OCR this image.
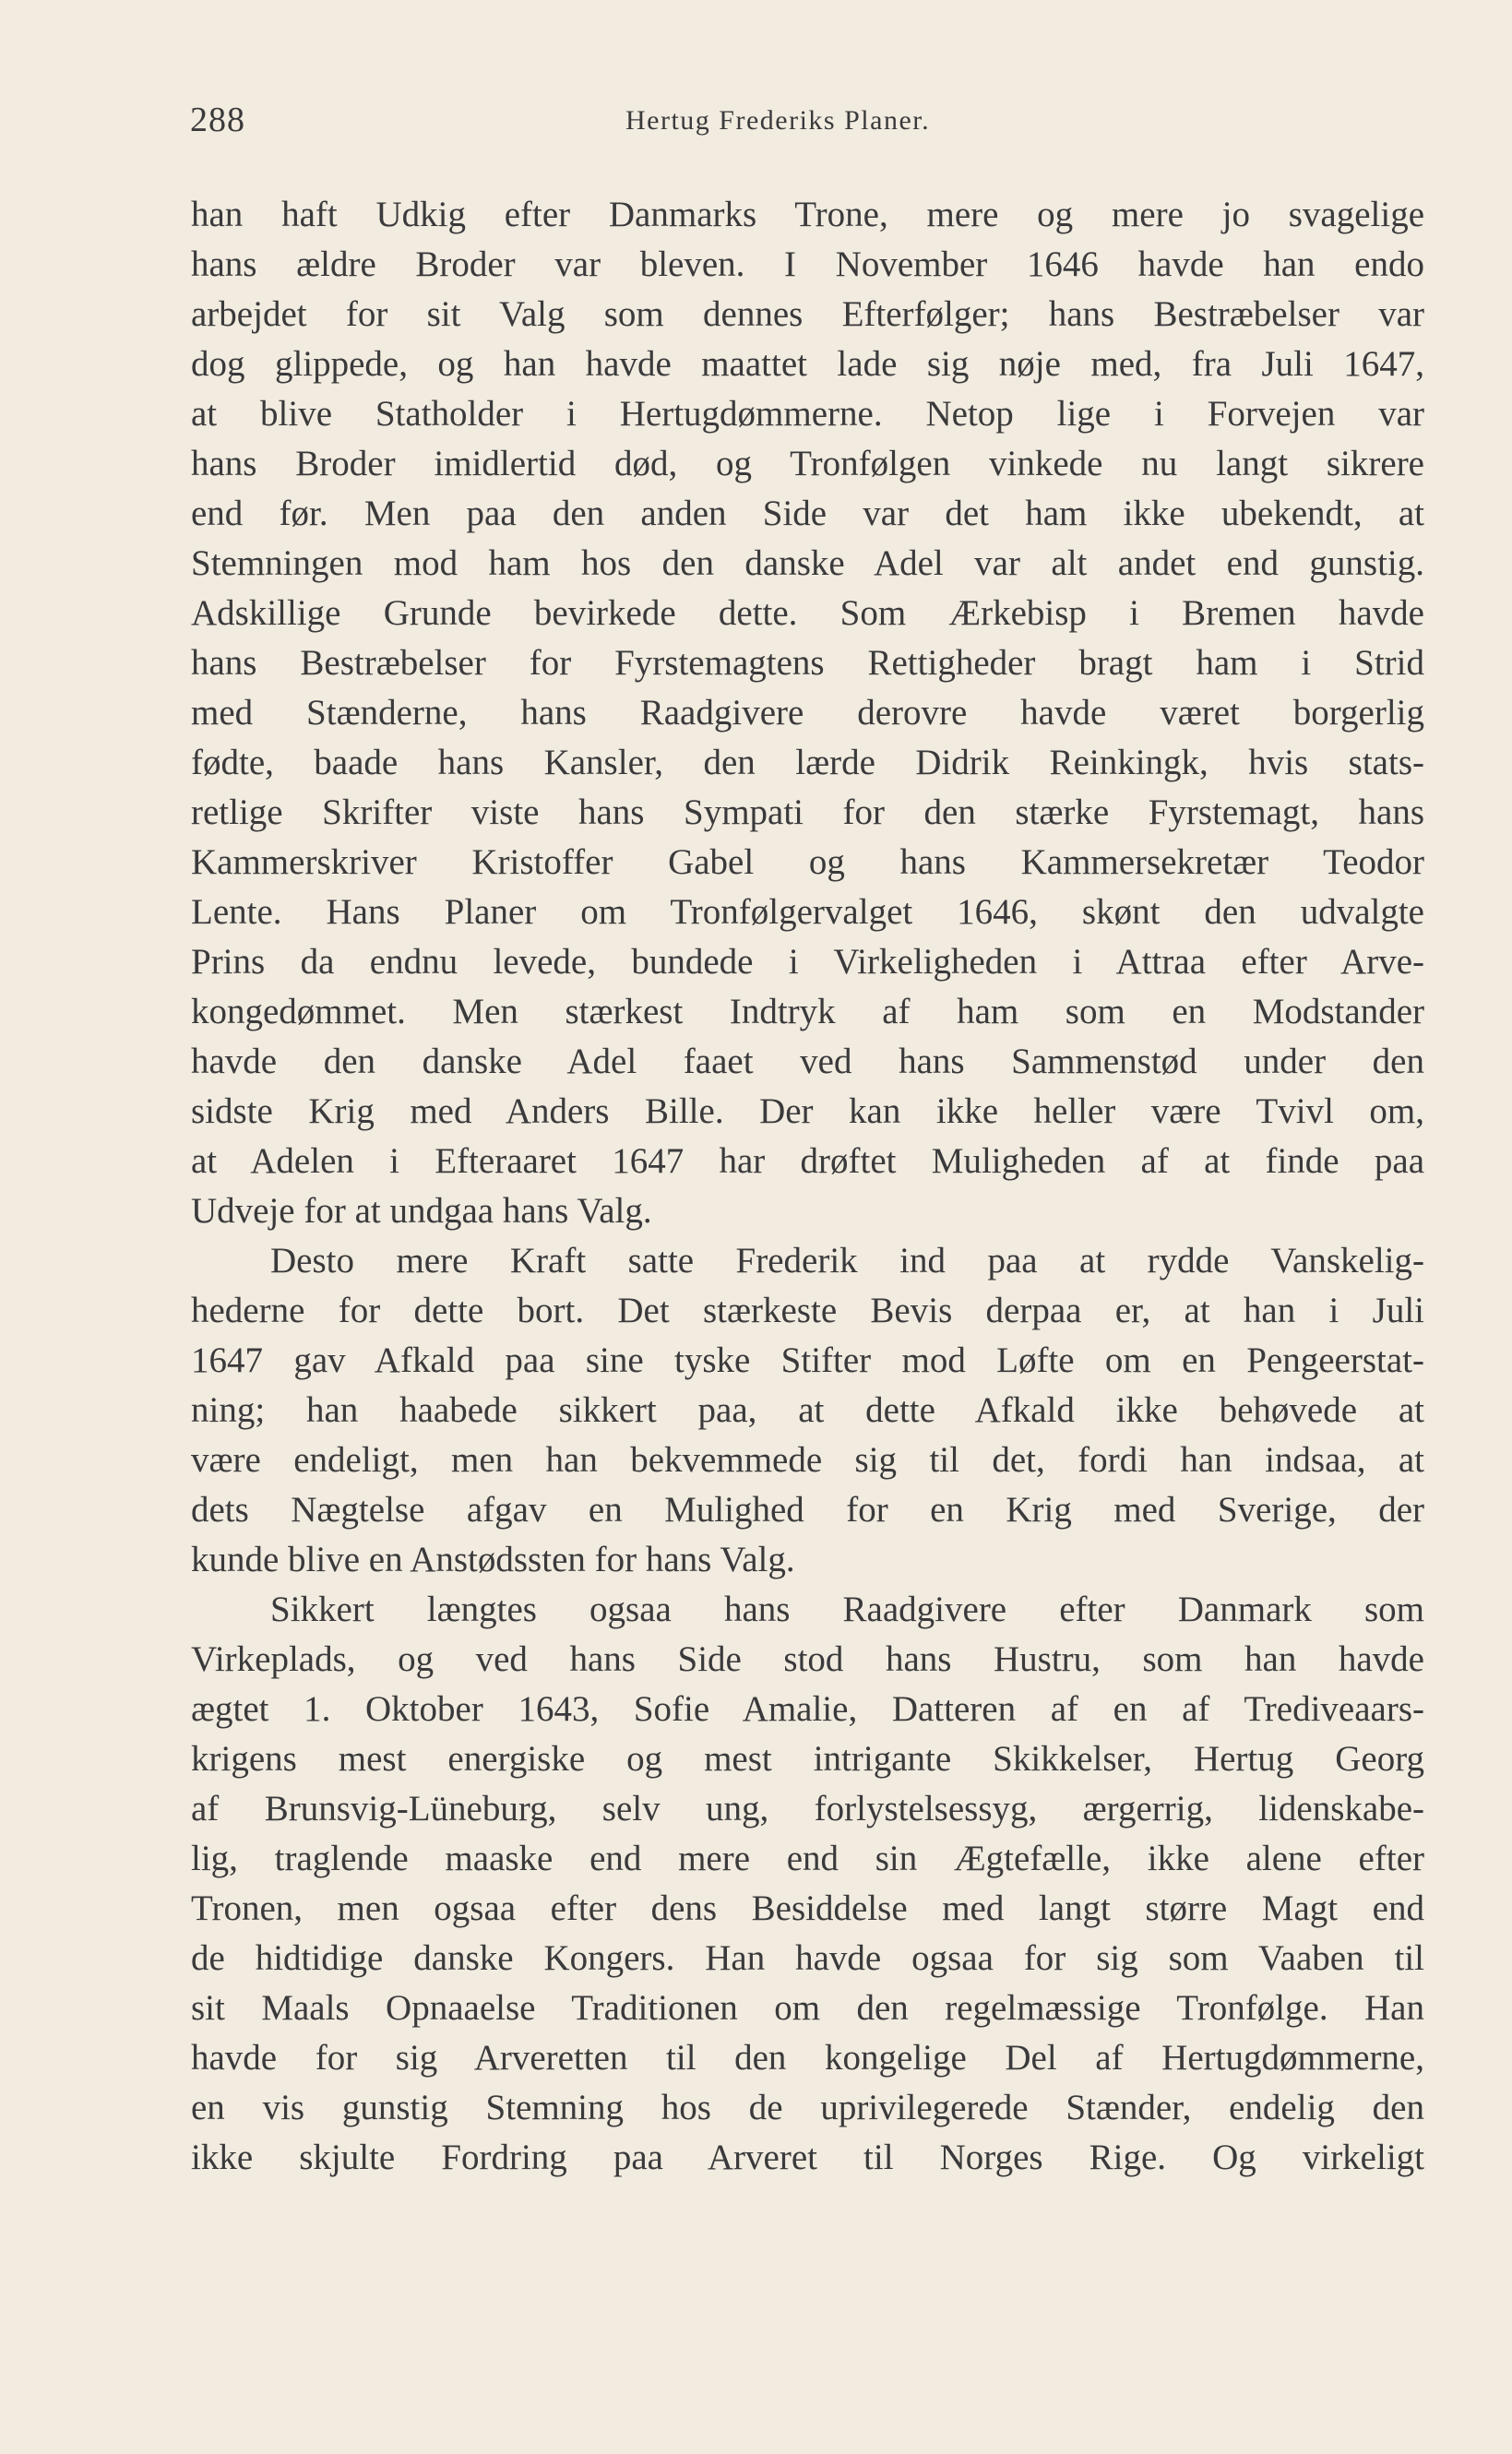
288	Hertug Frederiks Planer.
han haft Udkig efter Danmarks Trone, mere og mere jo svagelige
hans ældre Broder var bleven. I November 1646 havde han endo
arbejdet for sit Valg som dennes Efterfølger; hans Bestræbelser var
dog glippede, og han havde maattet lade sig nøje med, fra Juli 1647,
at blive Statholder i Hertugdømmerne. Netop lige i Forvejen var
hans Broder imidlertid død, og Tronfølgen vinkede nu langt sikrere
end før. Men paa den anden Side var det ham ikke ubekendt, at
Stemningen mod ham hos den danske Adel var alt andet end gunstig.
Adskillige Grunde bevirkede dette. Som Ærkebisp i Bremen havde
hans Bestræbelser for Fyrstemagtens Rettigheder bragt ham i Strid
med Stænderne, hans Raadgivere derovre havde været borgerlig
fødte, baade hans Kansler, den lærde Didrik Reinkingk, hvis stats-
retlige Skrifter viste hans Sympati for den stærke Fyrstemagt, hans
Kammerskriver Kristoffer Gabel og hans Kammersekretær Teodor
Lente. Hans Planer om Tronfølgervalget 1646, skønt den udvalgte
Prins da endnu levede, bundede i Virkeligheden i Attraa efter Arve-
kongedømmet. Men stærkest Indtryk af ham som en Modstander
havde den danske Adel faaet ved hans Sammenstød under den
sidste Krig med Anders Bille. Der kan ikke heller være Tvivl om,
at Adelen i Efteraaret 1647 har drøftet Muligheden af at finde paa
Udveje for at undgaa hans Valg.
Desto mere Kraft satte Frederik ind paa at rydde Vanskelig-
hederne for dette bort. Det stærkeste Bevis derpaa er, at han i Juli
1647 gav Afkald paa sine tyske Stifter mod Løfte om en Pengeerstat-
ning; han haabede sikkert paa, at dette Afkald ikke behøvede at
være endeligt, men han bekvemmede sig til det, fordi han indsaa, at
dets Nægtelse afgav en Mulighed for en Krig med Sverige, der
kunde blive en Anstødssten for hans Valg.
Sikkert længtes ogsaa hans Raadgivere efter Danmark som
Virkeplads, og ved hans Side stod hans Hustru, som han havde
ægtet 1. Oktober 1643, Sofie Amalie, Datteren af en af Trediveaars-
krigens mest energiske og mest intrigante Skikkelser, Hertug Georg
af Brunsvig-Lüneburg, selv ung, forlystelsessyg, ærgerrig, lidenskabe-
lig, traglende maaske end mere end sin Ægtefælle, ikke alene efter
Tronen, men ogsaa efter dens Besiddelse med langt større Magt end
de hidtidige danske Kongers. Han havde ogsaa for sig som Vaaben til
sit Maals Opnaaelse Traditionen om den regelmæssige Tronfølge. Han
havde for sig Arveretten til den kongelige Del af Hertugdømmerne,
en vis gunstig Stemning hos de uprivilegerede Stænder, endelig den
ikke skjulte Fordring paa Arveret til Norges Rige. Og virkeligt
